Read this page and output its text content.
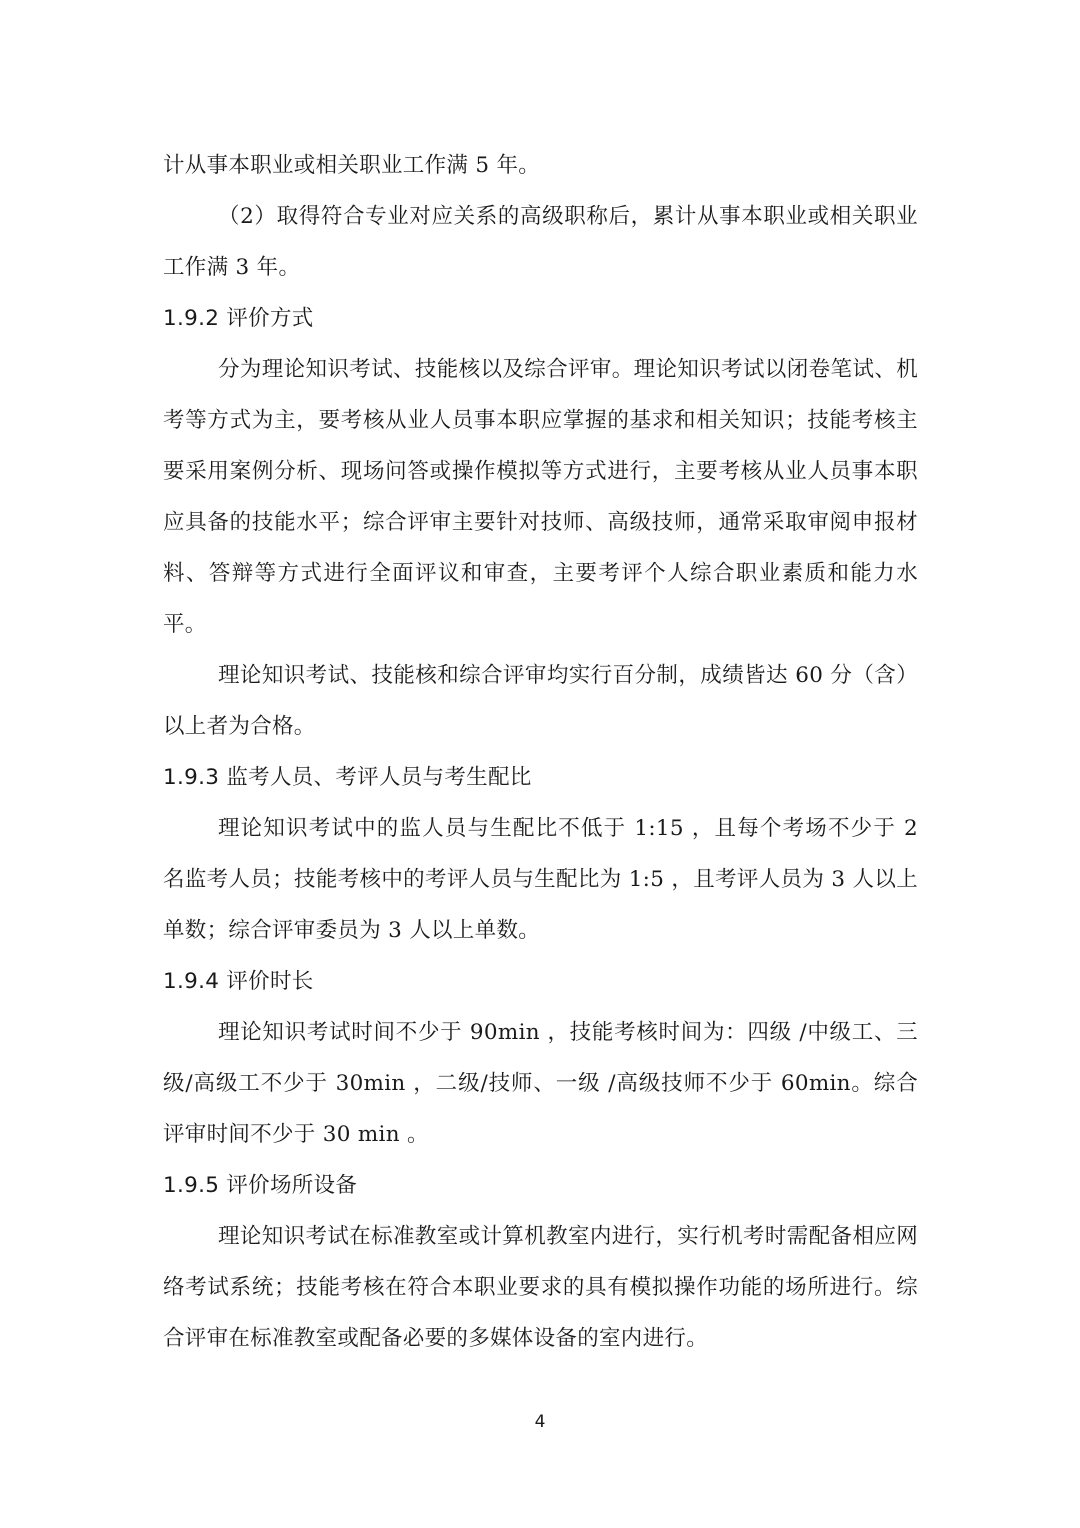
计从事本职业或相关职业工作满 5 年。

（2）取得符合专业对应关系的高级职称后，累计从事本职业或相关职业工作满 3 年。

1.9.2 评价方式

分为理论知识考试、技能核以及综合评审。理论知识考试以闭卷笔试、机考等方式为主，要考核从业人员事本职应掌握的基求和相关知识；技能考核主要采用案例分析、现场问答或操作模拟等方式进行，主要考核从业人员事本职应具备的技能水平；综合评审主要针对技师、高级技师，通常采取审阅申报材料、答辩等方式进行全面评议和审查，主要考评个人综合职业素质和能力水平。

理论知识考试、技能核和综合评审均实行百分制，成绩皆达 60 分（含）以上者为合格。

1.9.3 监考人员、考评人员与考生配比

理论知识考试中的监人员与生配比不低于 1:15 ，且每个考场不少于 2 名监考人员；技能考核中的考评人员与生配比为 1:5 ，且考评人员为 3 人以上单数；综合评审委员为 3 人以上单数。

1.9.4 评价时长

理论知识考试时间不少于 90min ，技能考核时间为：四级 /中级工、三级/高级工不少于 30min ，二级/技师、一级 /高级技师不少于 60min。综合评审时间不少于 30 min 。

1.9.5 评价场所设备

理论知识考试在标准教室或计算机教室内进行，实行机考时需配备相应网络考试系统；技能考核在符合本职业要求的具有模拟操作功能的场所进行。综合评审在标准教室或配备必要的多媒体设备的室内进行。

4
